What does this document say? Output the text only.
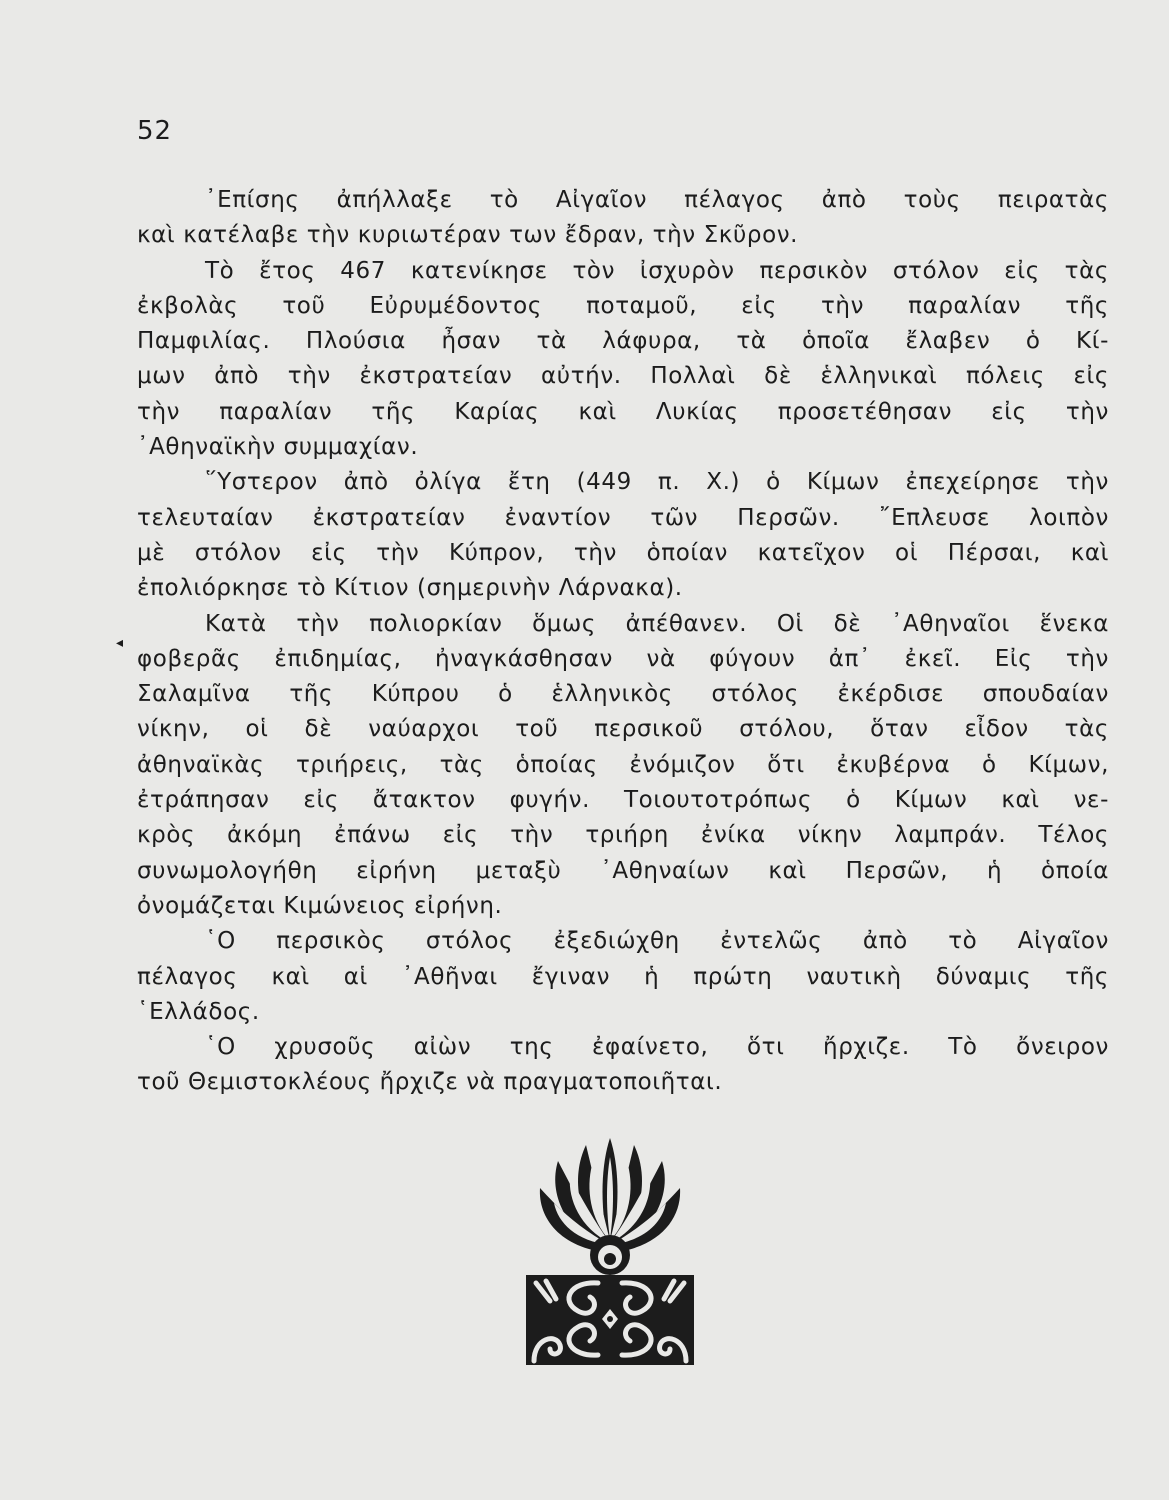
52
◂
᾿Επίσης ἀπήλλαξε τὸ Αἰγαῖον πέλαγος ἀπὸ τοὺς πειρατὰς
καὶ κατέλαβε τὴν κυριωτέραν των ἔδραν, τὴν Σκῦρον.
Τὸ ἔτος 467 κατενίκησε τὸν ἰσχυρὸν περσικὸν στόλον εἰς τὰς
ἐκβολὰς τοῦ Εὐρυμέδοντος ποταμοῦ, εἰς τὴν παραλίαν τῆς
Παμφιλίας. Πλούσια ἦσαν τὰ λάφυρα, τὰ ὁποῖα ἔλαβεν ὁ Κί-
μων ἀπὸ τὴν ἐκστρατείαν αὐτήν. Πολλαὶ δὲ ἑλληνικαὶ πόλεις εἰς
τὴν παραλίαν τῆς Καρίας καὶ Λυκίας προσετέθησαν εἰς τὴν
᾿Αθηναϊκὴν συμμαχίαν.
῞Υστερον ἀπὸ ὀλίγα ἔτη (449 π. Χ.) ὁ Κίμων ἐπεχείρησε τὴν
τελευταίαν ἐκστρατείαν ἐναντίον τῶν Περσῶν. ῎Επλευσε λοιπὸν
μὲ στόλον εἰς τὴν Κύπρον, τὴν ὁποίαν κατεῖχον οἱ Πέρσαι, καὶ
ἐπολιόρκησε τὸ Κίτιον (σημερινὴν Λάρνακα).
Κατὰ τὴν πολιορκίαν ὅμως ἀπέθανεν. Οἱ δὲ ᾿Αθηναῖοι ἕνεκα
φοβερᾶς ἐπιδημίας, ἠναγκάσθησαν νὰ φύγουν ἀπ᾿ ἐκεῖ. Εἰς τὴν
Σαλαμῖνα τῆς Κύπρου ὁ ἑλληνικὸς στόλος ἐκέρδισε σπουδαίαν
νίκην, οἱ δὲ ναύαρχοι τοῦ περσικοῦ στόλου, ὅταν εἶδον τὰς
ἀθηναϊκὰς τριήρεις, τὰς ὁποίας ἐνόμιζον ὅτι ἐκυβέρνα ὁ Κίμων,
ἐτράπησαν εἰς ἄτακτον φυγήν. Τοιουτοτρόπως ὁ Κίμων καὶ νε-
κρὸς ἀκόμη ἐπάνω εἰς τὴν τριήρη ἐνίκα νίκην λαμπράν. Τέλος
συνωμολογήθη εἰρήνη μεταξὺ ᾿Αθηναίων καὶ Περσῶν, ἡ ὁποία
ὀνομάζεται Κιμώνειος εἰρήνη.
῾Ο περσικὸς στόλος ἐξεδιώχθη ἐντελῶς ἀπὸ τὸ Αἰγαῖον
πέλαγος καὶ αἱ ᾿Αθῆναι ἔγιναν ἡ πρώτη ναυτικὴ δύναμις τῆς
῾Ελλάδος.
῾Ο χρυσοῦς αἰὼν της ἐφαίνετο, ὅτι ἤρχιζε. Τὸ ὄνειρον
τοῦ Θεμιστοκλέους ἤρχιζε νὰ πραγματοποιῆται.
